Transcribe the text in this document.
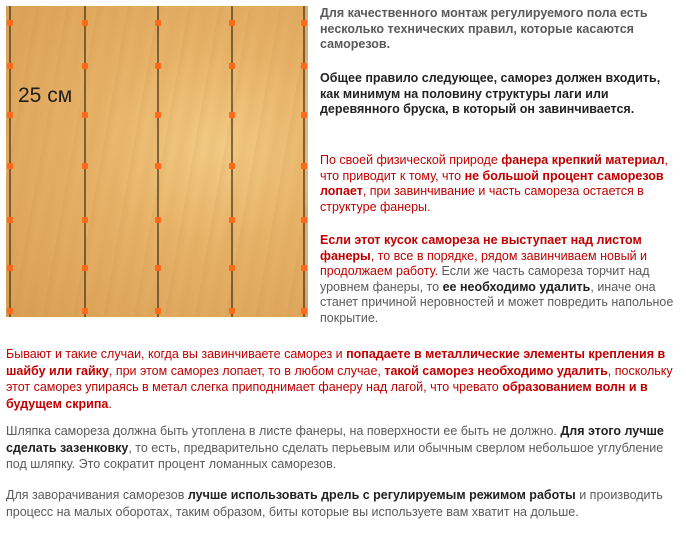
25 см

Для качественного монтаж регулируемого пола есть несколько технических правил, которые касаются саморезов.

Общее правило следующее, саморез должен входить, как минимум на половину структуры лаги или деревянного бруска, в который он завинчивается.

По своей физической природе фанера крепкий материал, что приводит к тому, что не большой процент саморезов лопает, при завинчивание и часть самореза остается в структуре фанеры.

Если этот кусок самореза не выступает над листом фанеры, то все в порядке, рядом завинчиваем новый и продолжаем работу. Если же часть самореза торчит над уровнем фанеры, то ее необходимо удалить, иначе она станет причиной неровностей и может повредить напольное покрытие.

Бывают и такие случаи, когда вы завинчиваете саморез и попадаете в металлические элементы крепления в шайбу или гайку, при этом саморез лопает, то в любом случае, такой саморез необходимо удалить, поскольку этот саморез упираясь в метал слегка приподнимает фанеру над лагой, что чревато образованием волн и в будущем скрипа.

Шляпка самореза должна быть утоплена в листе фанеры, на поверхности ее быть не должно. Для этого лучше сделать зазенковку, то есть, предварительно сделать перьевым или обычным сверлом небольшое углубление под шляпку. Это сократит процент ломанных саморезов.

Для заворачивания саморезов лучше использовать дрель с регулируемым режимом работы и производить процесс на малых оборотах, таким образом, биты которые вы используете вам хватит на дольше.
